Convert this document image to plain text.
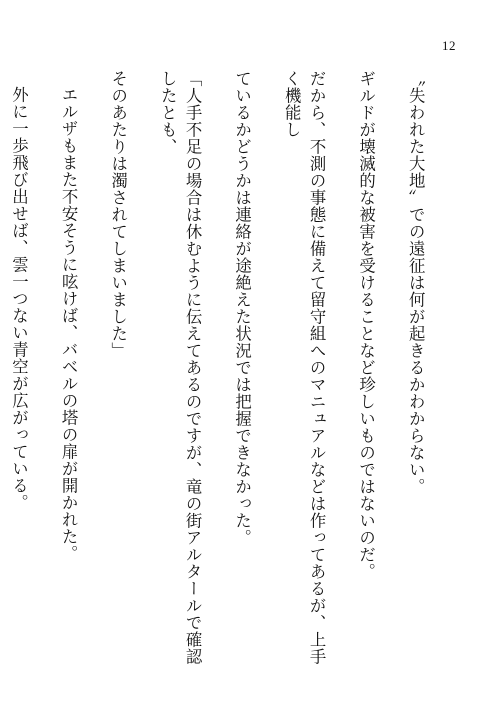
12

〝失われた大地〟での遠征は何が起きるかわからない。

ギルドが壊滅的な被害を受けることなど珍しいものではないのだ。

だから、不測の事態に備えて留守組へのマニュアルなどは作ってあるが、上手く機能し

ているかどうかは連絡が途絶えた状況では把握できなかった。

「人手不足の場合は休むように伝えてあるのですが、竜の街アルタールで確認したとも、

そのあたりは濁されてしまいました」

エルザもまた不安そうに呟けば、バベルの塔の扉が開かれた。

外に一歩飛び出せば、雲一つない青空が広がっている。
